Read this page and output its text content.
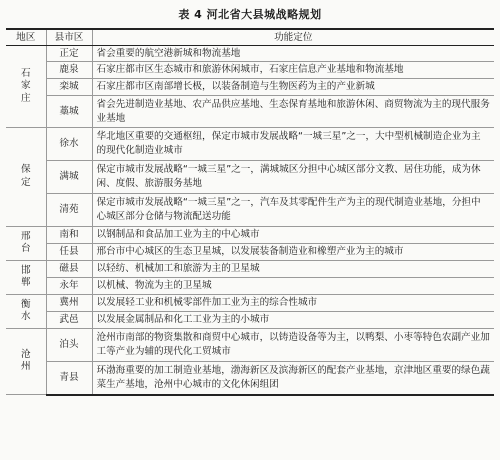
表 4 河北省大县城战略规划
地区	县市区	功能定位
石家庄	正定	省会重要的航空港新城和物流基地
	鹿泉	石家庄都市区生态城市和旅游休闲城市，石家庄信息产业基地和物流基地
	栾城	石家庄都市区南部增长极，以装备制造与生物医药为主的产业新城
	藁城	省会先进制造业基地、农产品供应基地、生态保育基地和旅游休闲、商贸物流为主的现代服务业基地
保定	徐水	华北地区重要的交通枢纽，保定市城市发展战略“一城三星”之一，大中型机械制造企业为主的现代化制造业城市
	满城	保定市城市发展战略“一城三星”之一，满城城区分担中心城区部分文教、居住功能，成为休闲、度假、旅游服务基地
	清苑	保定市城市发展战略“一城三星”之一，汽车及其零配件生产为主的现代制造业基地，分担中心城区部分仓储与物流配送功能
邢台	南和	以钢制品和食品加工业为主的中心城市
	任县	邢台市中心城区的生态卫星城，以发展装备制造业和橡塑产业为主的城市
邯郸	磁县	以轻纺、机械加工和旅游为主的卫星城
	永年	以机械、物流为主的卫星城
衡水	冀州	以发展轻工业和机械零部件加工业为主的综合性城市
	武邑	以发展金属制品和化工工业为主的小城市
沧州	泊头	沧州市南部的物资集散和商贸中心城市，以铸造设备等为主，以鸭梨、小枣等特色农副产业加工等产业为辅的现代化工贸城市
	青县	环渤海重要的加工制造业基地，渤海新区及滨海新区的配套产业基地，京津地区重要的绿色蔬菜生产基地，沧州中心城市的文化休闲组团
